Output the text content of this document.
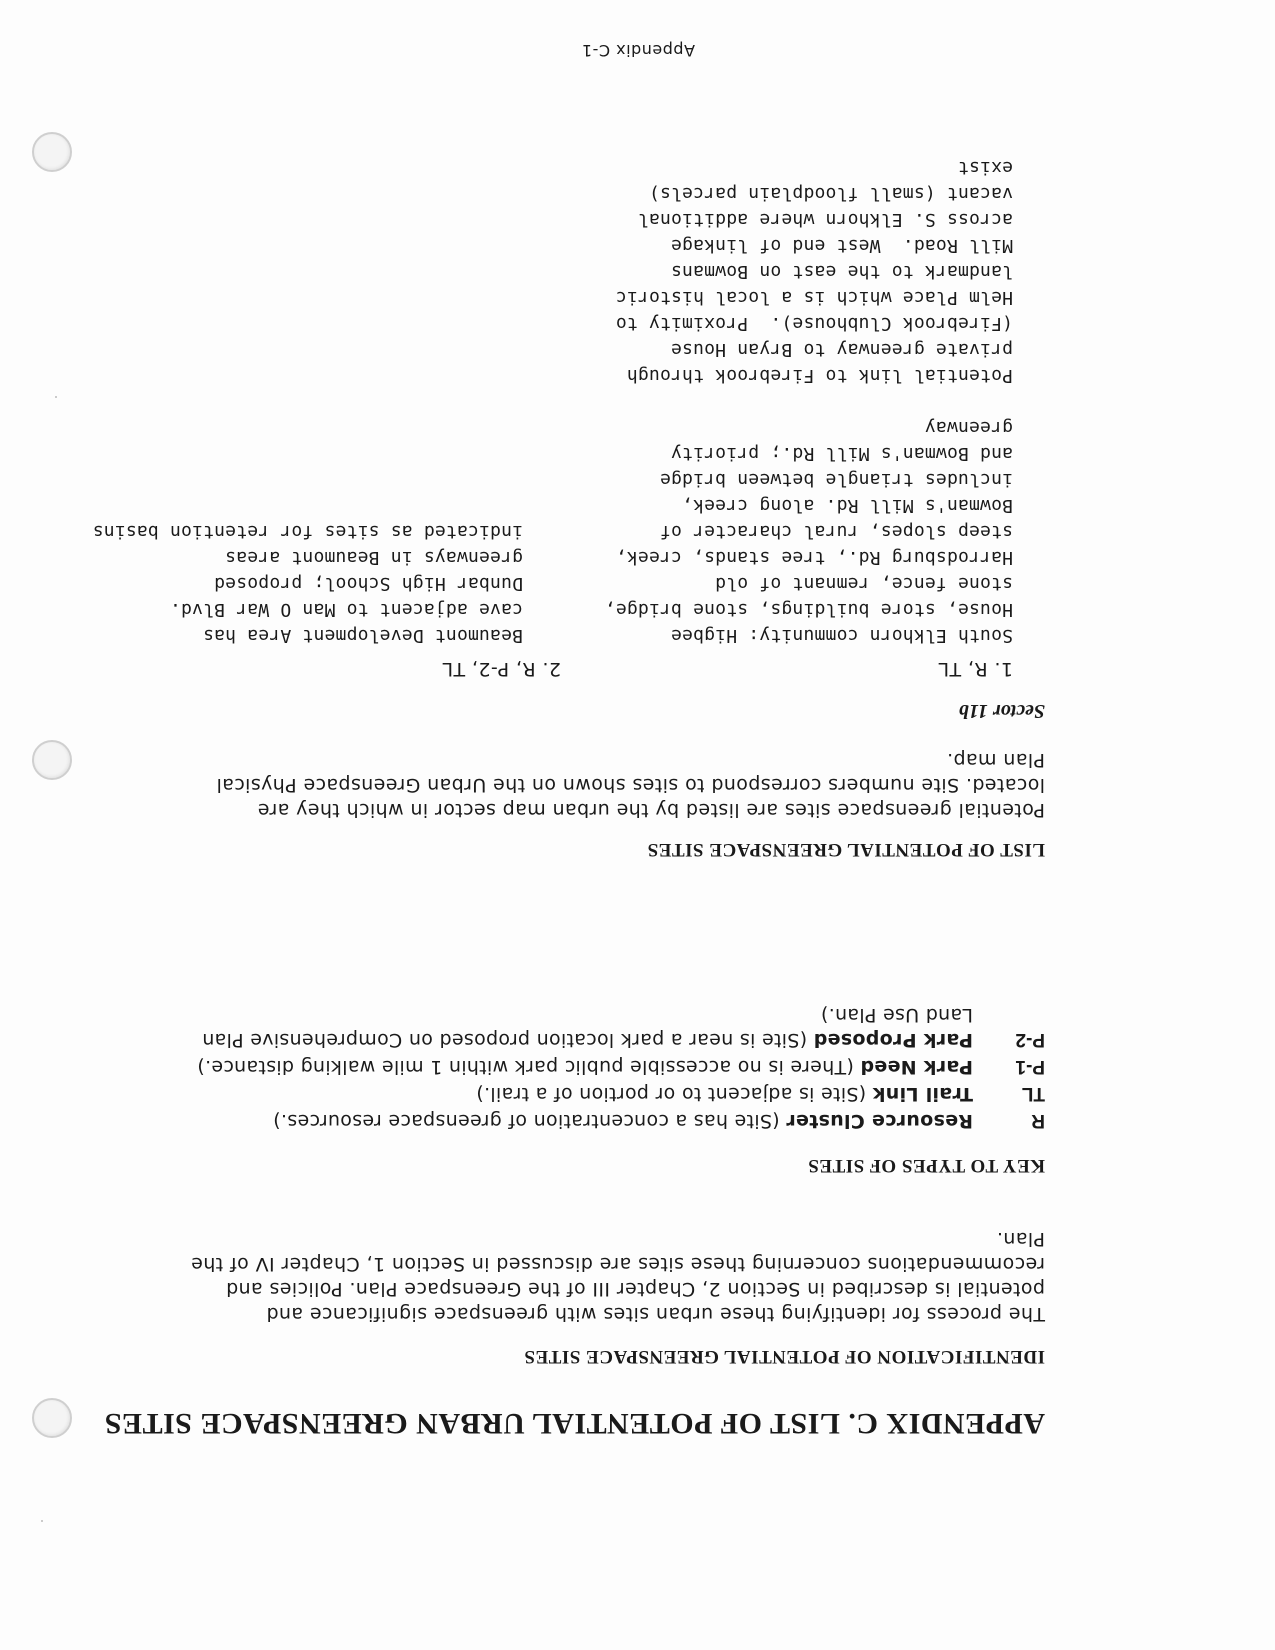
APPENDIX C. LIST OF POTENTIAL URBAN GREENSPACE SITES
IDENTIFICATION OF POTENTIAL GREENSPACE SITES
The process for identifying these urban sites with greenspace significance and potential is described in Section 2, Chapter III of the Greenspace Plan. Policies and recommendations concerning these sites are discussed in Section 1, Chapter IV of the Plan.
KEY TO TYPES OF SITES
R
Resource Cluster (Site has a concentration of greenspace resources.)
TL
Trail Link (Site is adjacent to or portion of a trail.)
P-1
Park Need (There is no accessible public park within 1 mile walking distance.)
P-2
Park Proposed (Site is near a park location proposed on Comprehensive Plan Land Use Plan.)
LIST OF POTENTIAL GREENSPACE SITES
Potential greenspace sites are listed by the urban map sector in which they are located. Site numbers correspond to sites shown on the Urban Greenspace Physical Plan map.
Sector 11b
1. R, TL
South Elkhorn community: Higbee
House, store buildings, stone bridge,
stone fence, remnant of old
Harrodsburg Rd., tree stands, creek,
steep slopes, rural character of
Bowman's Mill Rd. along creek,
includes triangle between bridge
and Bowman's Mill Rd.; priority
greenway

Potential link to Firebrook through
private greenway to Bryan House
(Firebrook Clubhouse).  Proximity to
Helm Place which is a local historic
landmark to the east on Bowmans
Mill Road.  West end of linkage
across S. Elkhorn where additional
vacant (small floodplain parcels)
exist
2. R, P-2, TL
Beaumont Development Area has
cave adjacent to Man O War Blvd.
Dunbar High School; proposed
greenways in Beaumont areas
indicated as sites for retention basins
Appendix C-1
